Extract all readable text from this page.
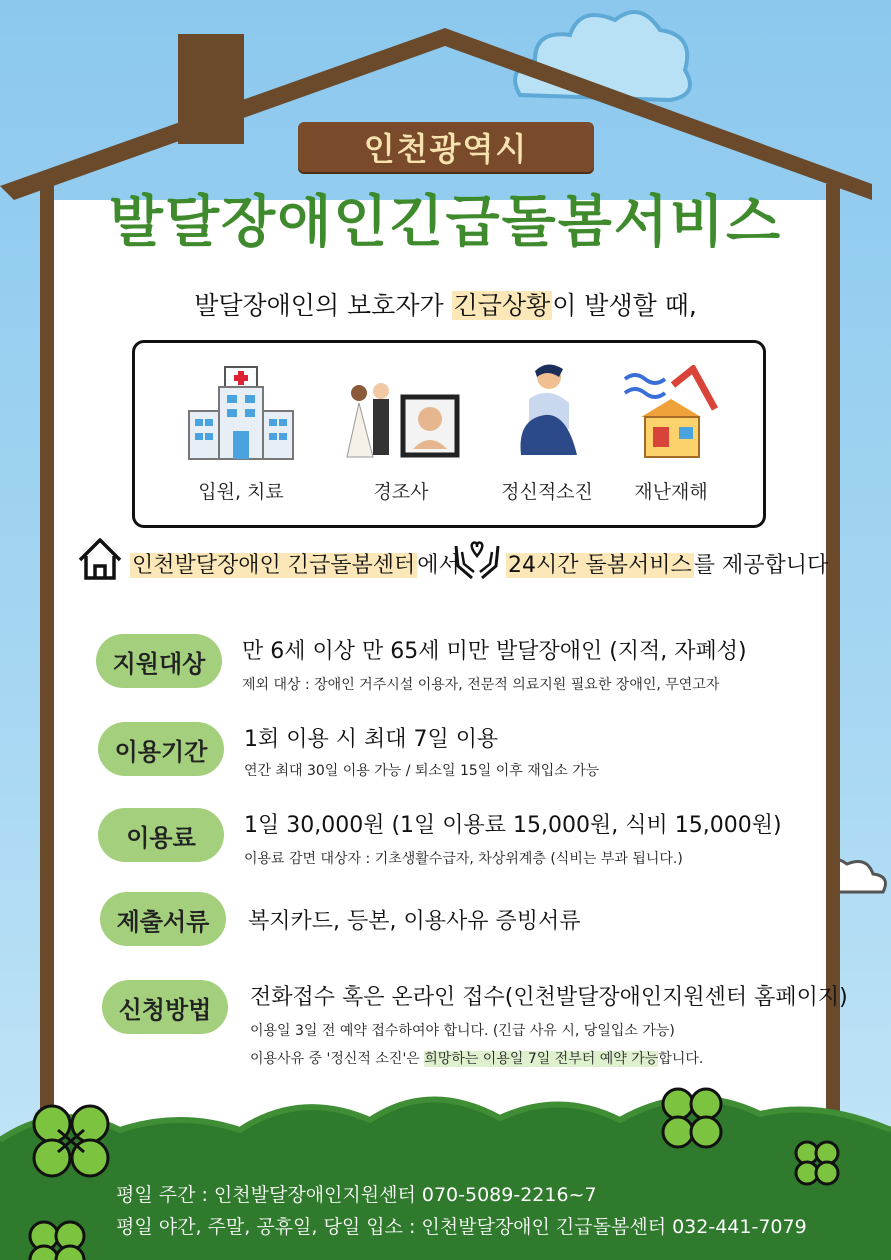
인천광역시
발달장애인긴급돌봄서비스
발달장애인의 보호자가 긴급상황이 발생할 때,
입원, 치료	경조사	정신적소진	재난재해
인천발달장애인 긴급돌봄센터에서 24시간 돌봄서비스를 제공합니다
지원대상	만 6세 이상 만 65세 미만 발달장애인 (지적, 자폐성)
제외 대상 : 장애인 거주시설 이용자, 전문적 의료지원 필요한 장애인, 무연고자
이용기간	1회 이용 시 최대 7일 이용
연간 최대 30일 이용 가능 / 퇴소일 15일 이후 재입소 가능
이용료	1일 30,000원 (1일 이용료 15,000원, 식비 15,000원)
이용료 감면 대상자 : 기초생활수급자, 차상위계층 (식비는 부과 됩니다.)
제출서류	복지카드, 등본, 이용사유 증빙서류
신청방법	전화접수 혹은 온라인 접수(인천발달장애인지원센터 홈페이지)
이용일 3일 전 예약 접수하여야 합니다. (긴급 사유 시, 당일입소 가능)
이용사유 중 '정신적 소진'은 희망하는 이용일 7일 전부터 예약 가능합니다.
평일 주간 : 인천발달장애인지원센터 070-5089-2216~7
평일 야간, 주말, 공휴일, 당일 입소 : 인천발달장애인 긴급돌봄센터 032-441-7079
